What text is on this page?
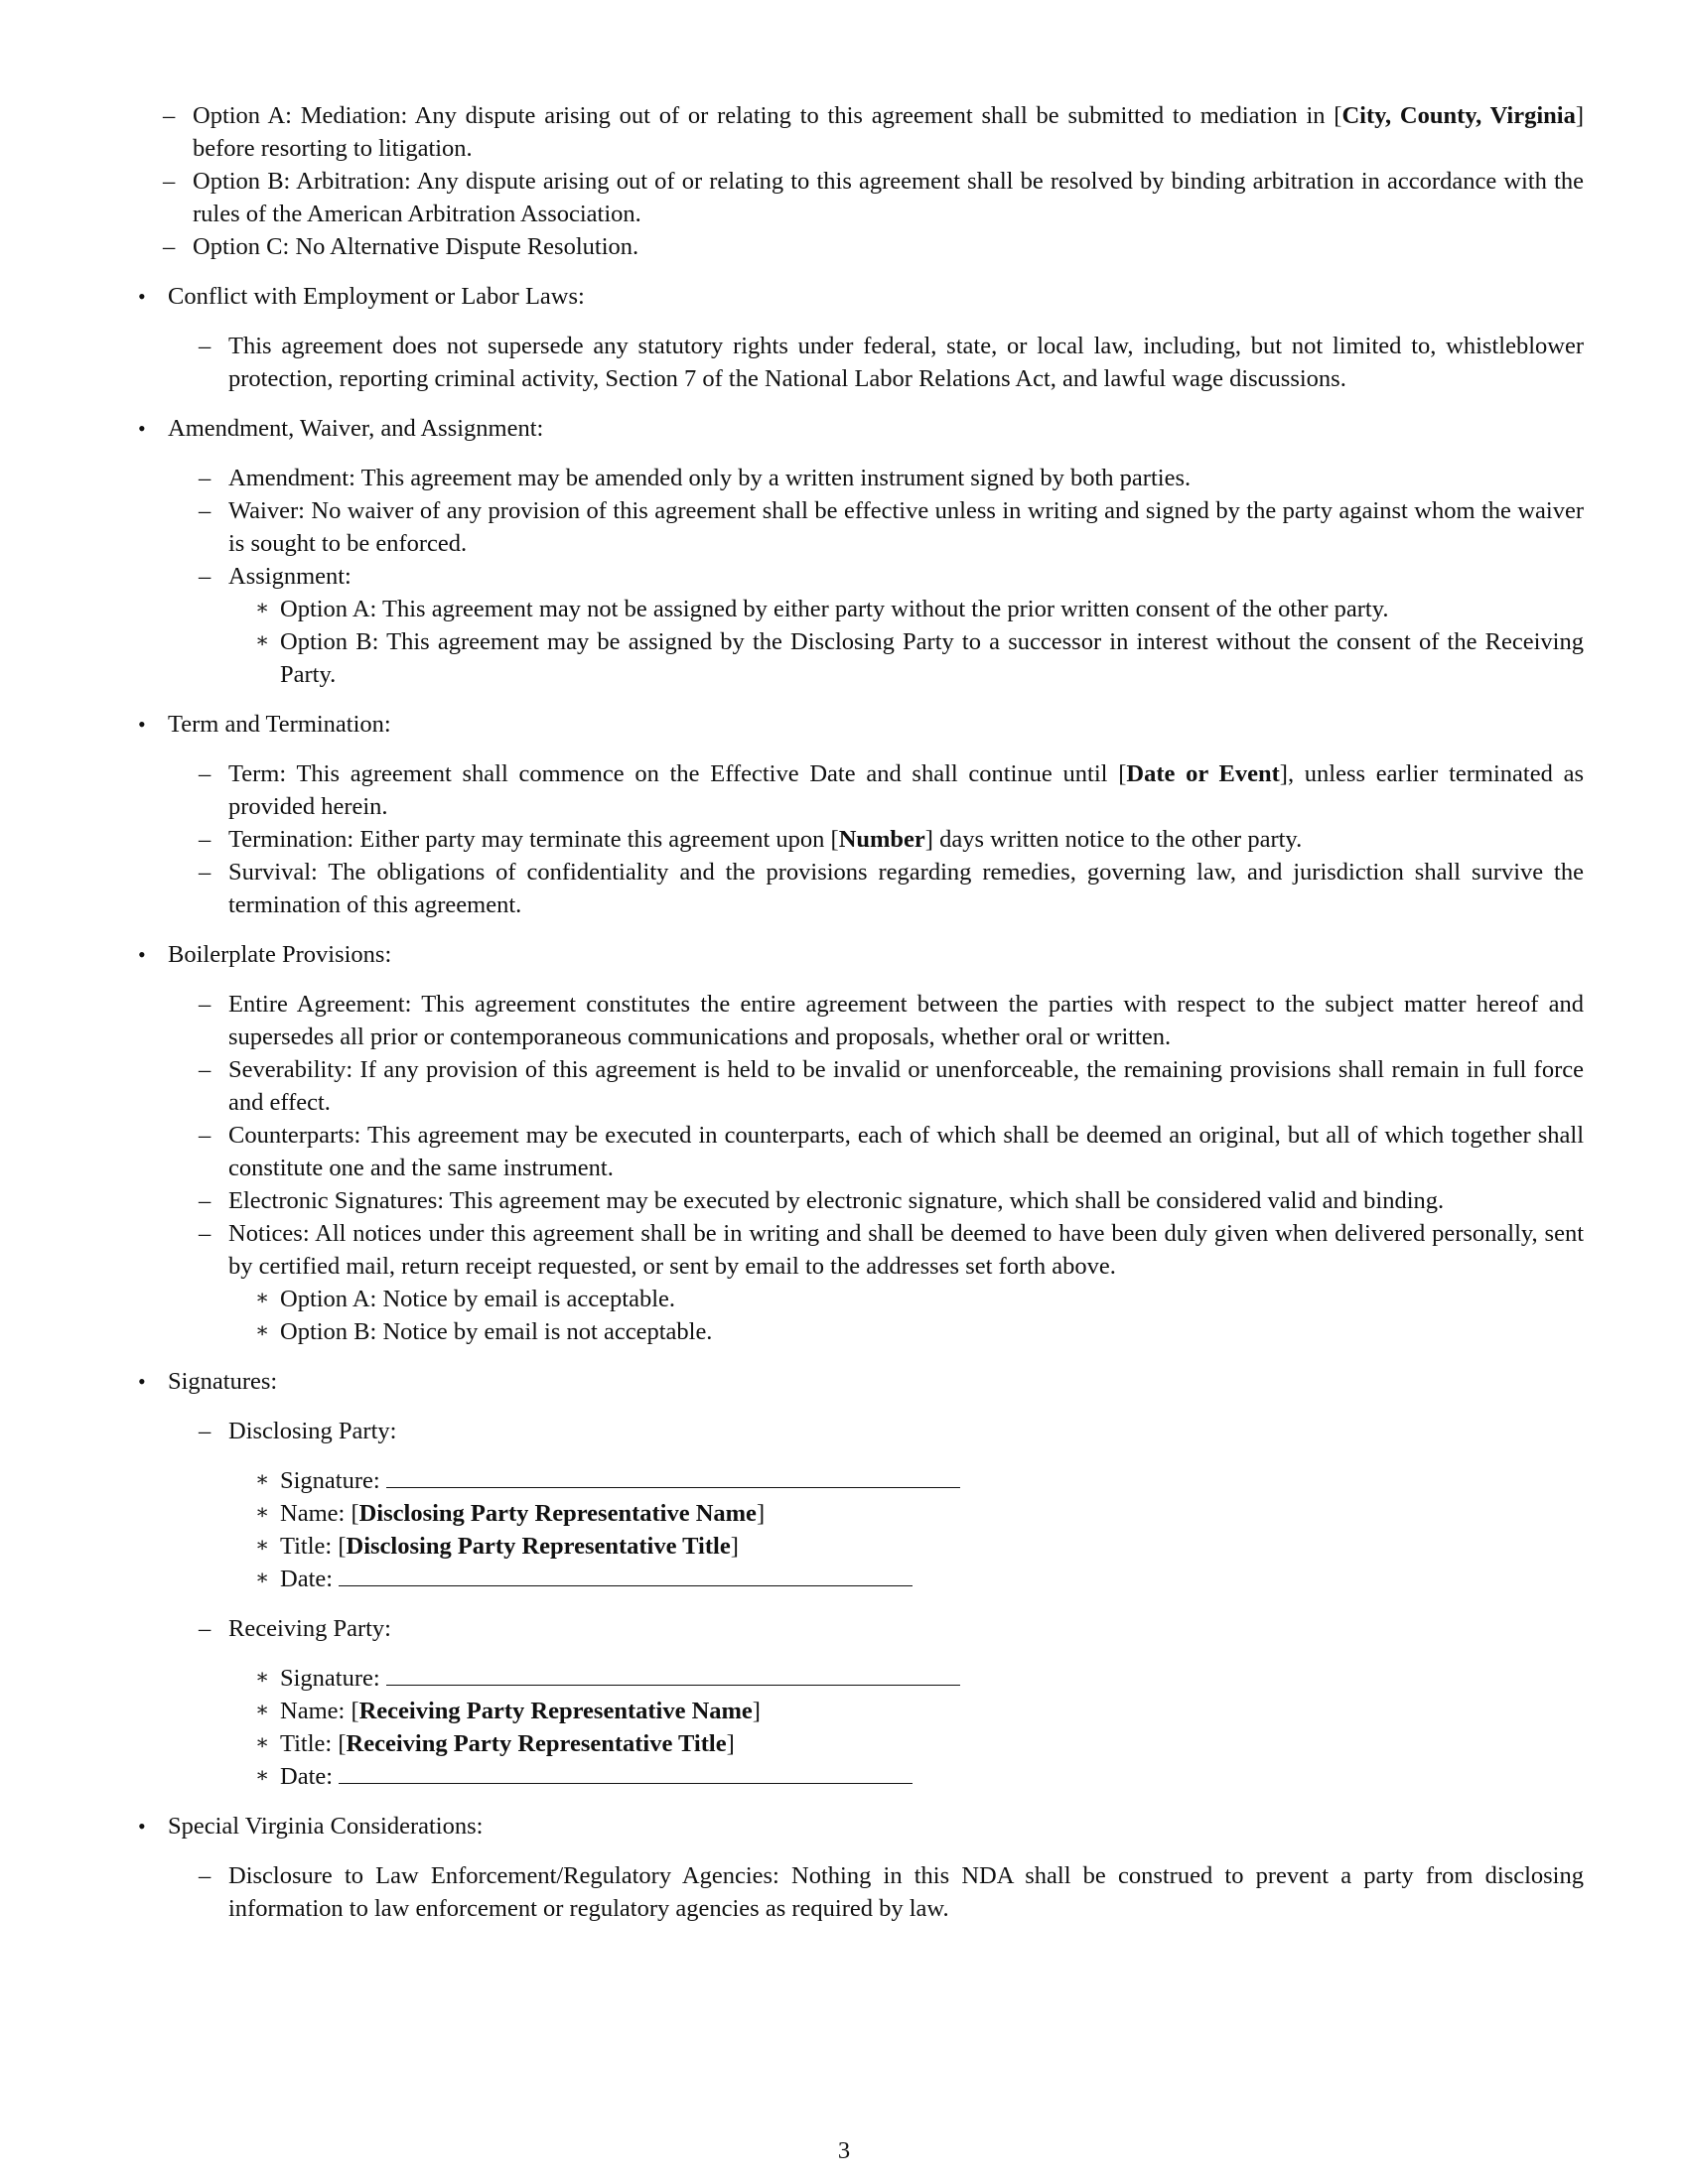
– Option A: Mediation: Any dispute arising out of or relating to this agreement shall be submitted to mediation in [City, County, Virginia] before resorting to litigation.
– Option B: Arbitration: Any dispute arising out of or relating to this agreement shall be resolved by binding arbitration in accordance with the rules of the American Arbitration Association.
– Option C: No Alternative Dispute Resolution.
• Conflict with Employment or Labor Laws:
– This agreement does not supersede any statutory rights under federal, state, or local law, including, but not limited to, whistleblower protection, reporting criminal activity, Section 7 of the National Labor Relations Act, and lawful wage discussions.
• Amendment, Waiver, and Assignment:
– Amendment: This agreement may be amended only by a written instrument signed by both parties.
– Waiver: No waiver of any provision of this agreement shall be effective unless in writing and signed by the party against whom the waiver is sought to be enforced.
– Assignment:
∗ Option A: This agreement may not be assigned by either party without the prior written consent of the other party.
∗ Option B: This agreement may be assigned by the Disclosing Party to a successor in interest without the consent of the Receiving Party.
• Term and Termination:
– Term: This agreement shall commence on the Effective Date and shall continue until [Date or Event], unless earlier terminated as provided herein.
– Termination: Either party may terminate this agreement upon [Number] days written notice to the other party.
– Survival: The obligations of confidentiality and the provisions regarding remedies, governing law, and jurisdiction shall survive the termination of this agreement.
• Boilerplate Provisions:
– Entire Agreement: This agreement constitutes the entire agreement between the parties with respect to the subject matter hereof and supersedes all prior or contemporaneous communications and proposals, whether oral or written.
– Severability: If any provision of this agreement is held to be invalid or unenforceable, the remaining provisions shall remain in full force and effect.
– Counterparts: This agreement may be executed in counterparts, each of which shall be deemed an original, but all of which together shall constitute one and the same instrument.
– Electronic Signatures: This agreement may be executed by electronic signature, which shall be considered valid and binding.
– Notices: All notices under this agreement shall be in writing and shall be deemed to have been duly given when delivered personally, sent by certified mail, return receipt requested, or sent by email to the addresses set forth above.
∗ Option A: Notice by email is acceptable.
∗ Option B: Notice by email is not acceptable.
• Signatures:
– Disclosing Party:
∗ Signature:
∗ Name: [Disclosing Party Representative Name]
∗ Title: [Disclosing Party Representative Title]
∗ Date:
– Receiving Party:
∗ Signature:
∗ Name: [Receiving Party Representative Name]
∗ Title: [Receiving Party Representative Title]
∗ Date:
• Special Virginia Considerations:
– Disclosure to Law Enforcement/Regulatory Agencies: Nothing in this NDA shall be construed to prevent a party from disclosing information to law enforcement or regulatory agencies as required by law.
3
